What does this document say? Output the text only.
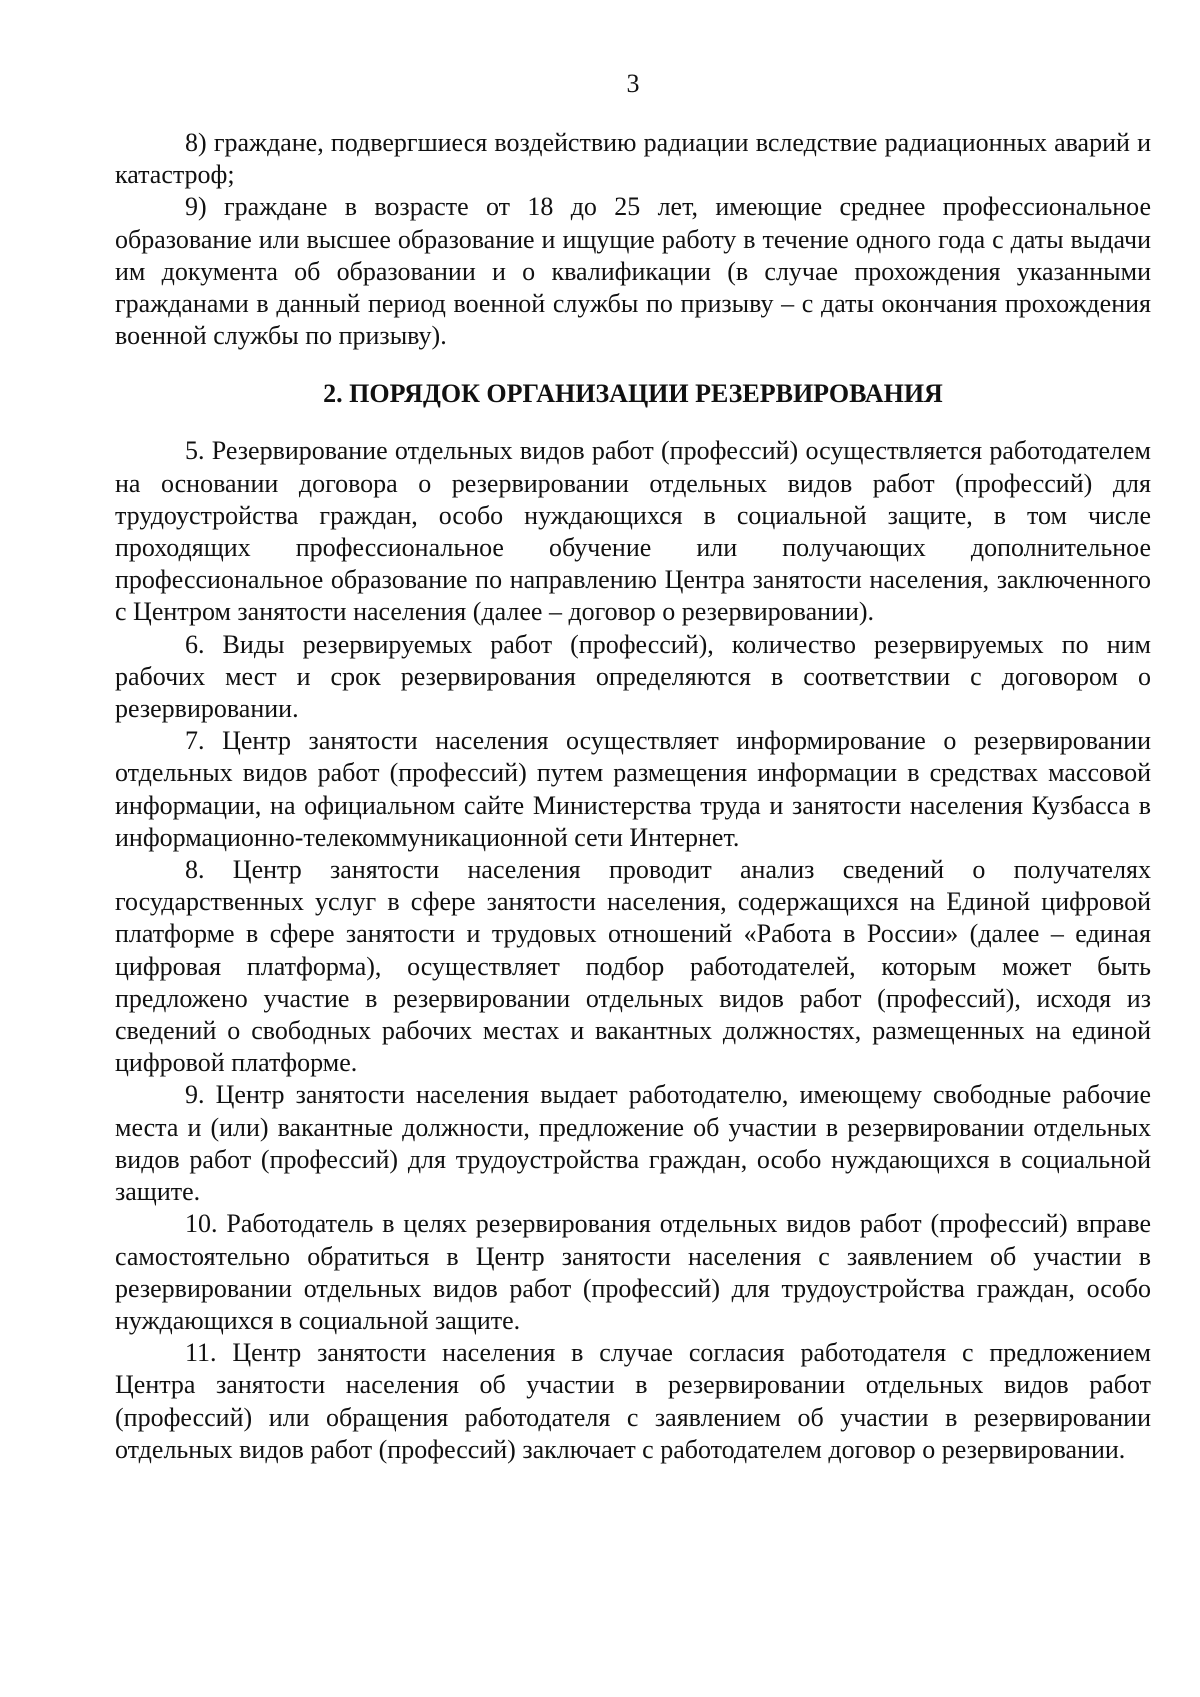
3

8) граждане, подвергшиеся воздействию радиации вследствие радиационных аварий и катастроф;

9) граждане в возрасте от 18 до 25 лет, имеющие среднее профессиональное образование или высшее образование и ищущие работу в течение одного года с даты выдачи им документа об образовании и о квалификации (в случае прохождения указанными гражданами в данный период военной службы по призыву – с даты окончания прохождения военной службы по призыву).

2. ПОРЯДОК ОРГАНИЗАЦИИ РЕЗЕРВИРОВАНИЯ

5. Резервирование отдельных видов работ (профессий) осуществляется работодателем на основании договора о резервировании отдельных видов работ (профессий) для трудоустройства граждан, особо нуждающихся в социальной защите, в том числе проходящих профессиональное обучение или получающих дополнительное профессиональное образование по направлению Центра занятости населения, заключенного с Центром занятости населения (далее – договор о резервировании).

6. Виды резервируемых работ (профессий), количество резервируемых по ним рабочих мест и срок резервирования определяются в соответствии с договором о резервировании.

7. Центр занятости населения осуществляет информирование о резервировании отдельных видов работ (профессий) путем размещения информации в средствах массовой информации, на официальном сайте Министерства труда и занятости населения Кузбасса в информационно-телекоммуникационной сети Интернет.

8. Центр занятости населения проводит анализ сведений о получателях государственных услуг в сфере занятости населения, содержащихся на Единой цифровой платформе в сфере занятости и трудовых отношений «Работа в России» (далее – единая цифровая платформа), осуществляет подбор работодателей, которым может быть предложено участие в резервировании отдельных видов работ (профессий), исходя из сведений о свободных рабочих местах и вакантных должностях, размещенных на единой цифровой платформе.

9. Центр занятости населения выдает работодателю, имеющему свободные рабочие места и (или) вакантные должности, предложение об участии в резервировании отдельных видов работ (профессий) для трудоустройства граждан, особо нуждающихся в социальной защите.

10. Работодатель в целях резервирования отдельных видов работ (профессий) вправе самостоятельно обратиться в Центр занятости населения с заявлением об участии в резервировании отдельных видов работ (профессий) для трудоустройства граждан, особо нуждающихся в социальной защите.

11. Центр занятости населения в случае согласия работодателя с предложением Центра занятости населения об участии в резервировании отдельных видов работ (профессий) или обращения работодателя с заявлением об участии в резервировании отдельных видов работ (профессий) заключает с работодателем договор о резервировании.
